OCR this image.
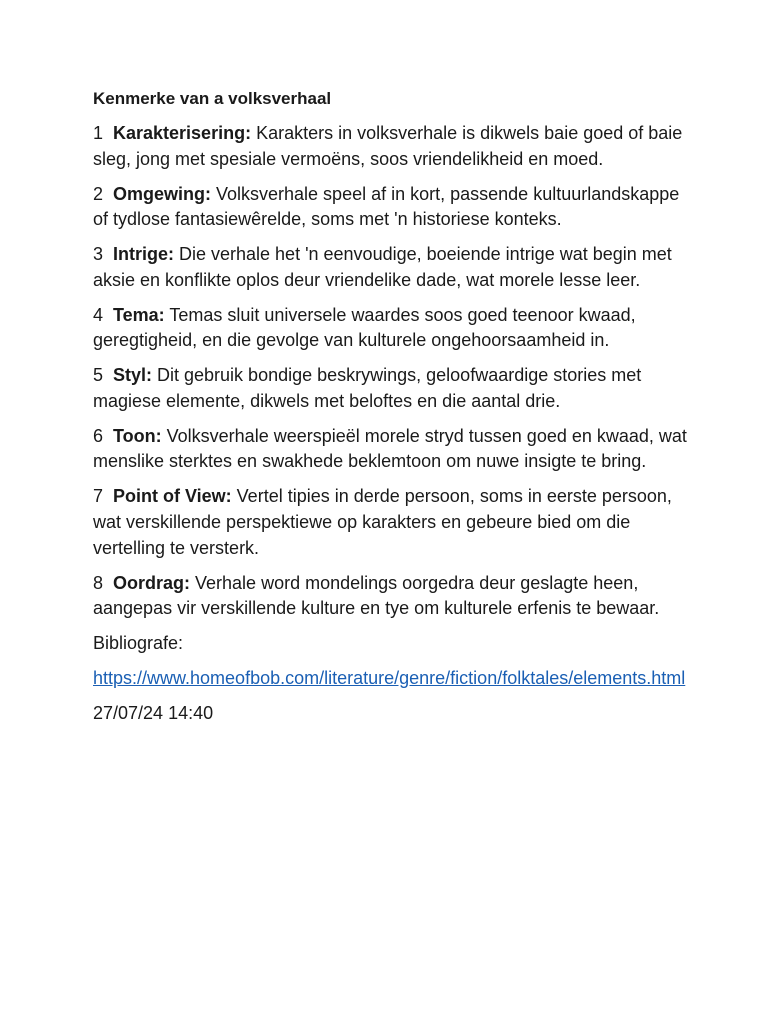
Kenmerke van a volksverhaal
1 Karakterisering: Karakters in volksverhale is dikwels baie goed of baie sleg, jong met spesiale vermoëns, soos vriendelikheid en moed.
2 Omgewing: Volksverhale speel af in kort, passende kultuurlandskappe of tydlose fantasiewêrelde, soms met 'n historiese konteks.
3 Intrige: Die verhale het 'n eenvoudige, boeiende intrige wat begin met aksie en konflikte oplos deur vriendelike dade, wat morele lesse leer.
4 Tema: Temas sluit universele waardes soos goed teenoor kwaad, geregtigheid, en die gevolge van kulturele ongehoorsaamheid in.
5 Styl: Dit gebruik bondige beskrywings, geloofwaardige stories met magiese elemente, dikwels met beloftes en die aantal drie.
6 Toon: Volksverhale weerspieël morele stryd tussen goed en kwaad, wat menslike sterktes en swakhede beklemtoon om nuwe insigte te bring.
7 Point of View: Vertel tipies in derde persoon, soms in eerste persoon, wat verskillende perspektiewe op karakters en gebeure bied om die vertelling te versterk.
8 Oordrag: Verhale word mondelings oorgedra deur geslagte heen, aangepas vir verskillende kulture en tye om kulturele erfenis te bewaar.
Bibliografe:
https://www.homeofbob.com/literature/genre/fiction/folktales/elements.html
27/07/24 14:40
